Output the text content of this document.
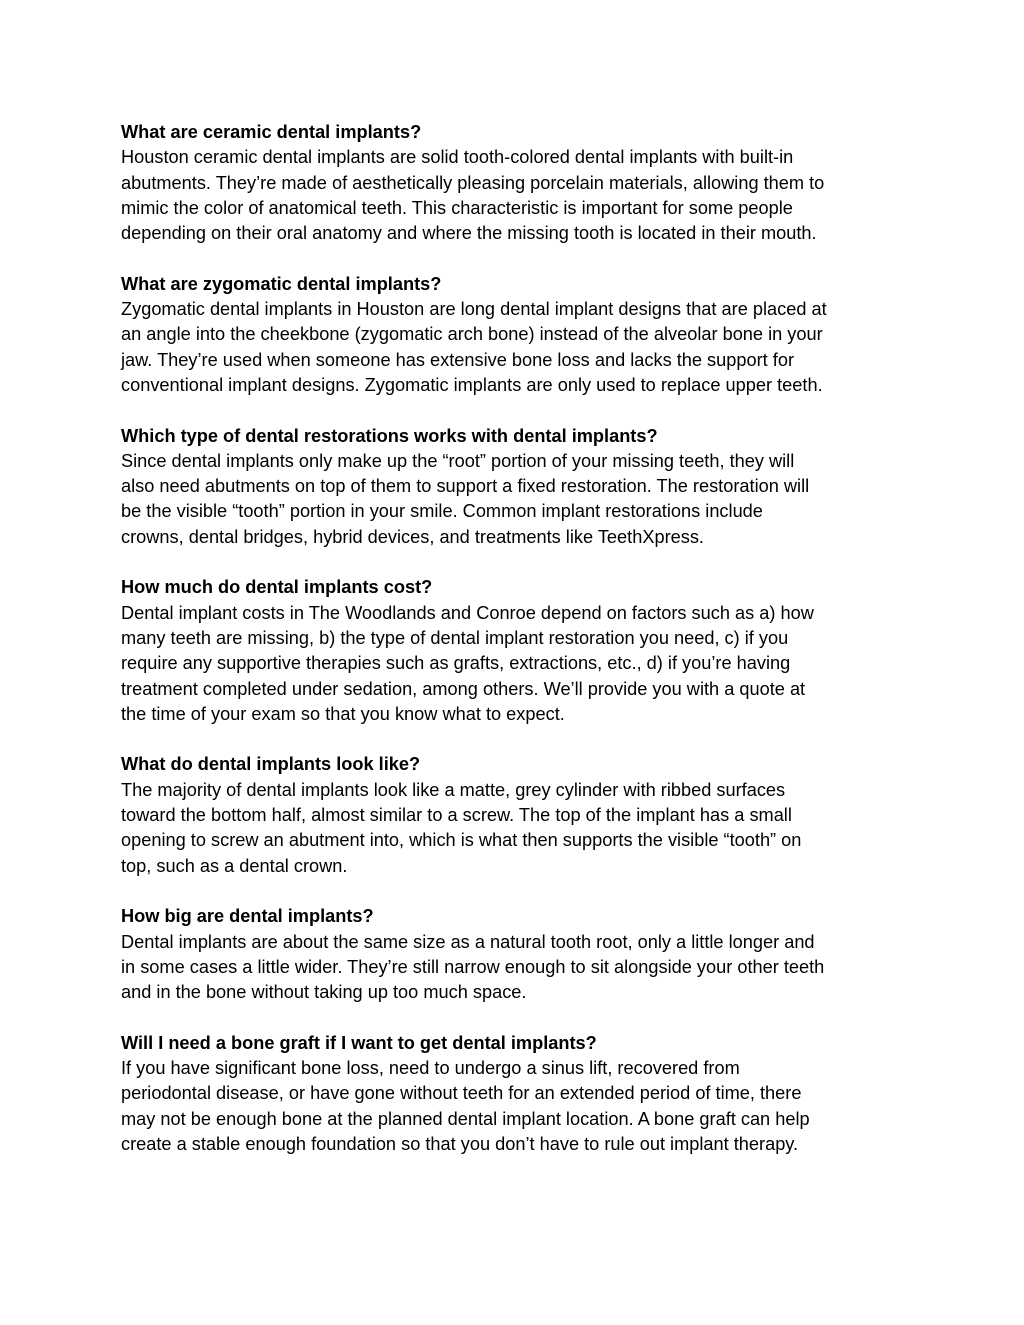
What are ceramic dental implants?

Houston ceramic dental implants are solid tooth-colored dental implants with built-in
abutments. They’re made of aesthetically pleasing porcelain materials, allowing them to
mimic the color of anatomical teeth. This characteristic is important for some people
depending on their oral anatomy and where the missing tooth is located in their mouth.

What are zygomatic dental implants?

Zygomatic dental implants in Houston are long dental implant designs that are placed at
an angle into the cheekbone (zygomatic arch bone) instead of the alveolar bone in your
jaw. They’re used when someone has extensive bone loss and lacks the support for
conventional implant designs. Zygomatic implants are only used to replace upper teeth.

Which type of dental restorations works with dental implants?

Since dental implants only make up the “root” portion of your missing teeth, they will
also need abutments on top of them to support a fixed restoration. The restoration will
be the visible “tooth” portion in your smile. Common implant restorations include
crowns, dental bridges, hybrid devices, and treatments like TeethXpress.

How much do dental implants cost?

Dental implant costs in The Woodlands and Conroe depend on factors such as a) how
many teeth are missing, b) the type of dental implant restoration you need, c) if you
require any supportive therapies such as grafts, extractions, etc., d) if you’re having
treatment completed under sedation, among others. We’ll provide you with a quote at
the time of your exam so that you know what to expect.

What do dental implants look like?

The majority of dental implants look like a matte, grey cylinder with ribbed surfaces
toward the bottom half, almost similar to a screw. The top of the implant has a small
opening to screw an abutment into, which is what then supports the visible “tooth” on
top, such as a dental crown.

How big are dental implants?

Dental implants are about the same size as a natural tooth root, only a little longer and
in some cases a little wider. They’re still narrow enough to sit alongside your other teeth
and in the bone without taking up too much space.

Will I need a bone graft if I want to get dental implants?

If you have significant bone loss, need to undergo a sinus lift, recovered from
periodontal disease, or have gone without teeth for an extended period of time, there
may not be enough bone at the planned dental implant location. A bone graft can help
create a stable enough foundation so that you don’t have to rule out implant therapy.
